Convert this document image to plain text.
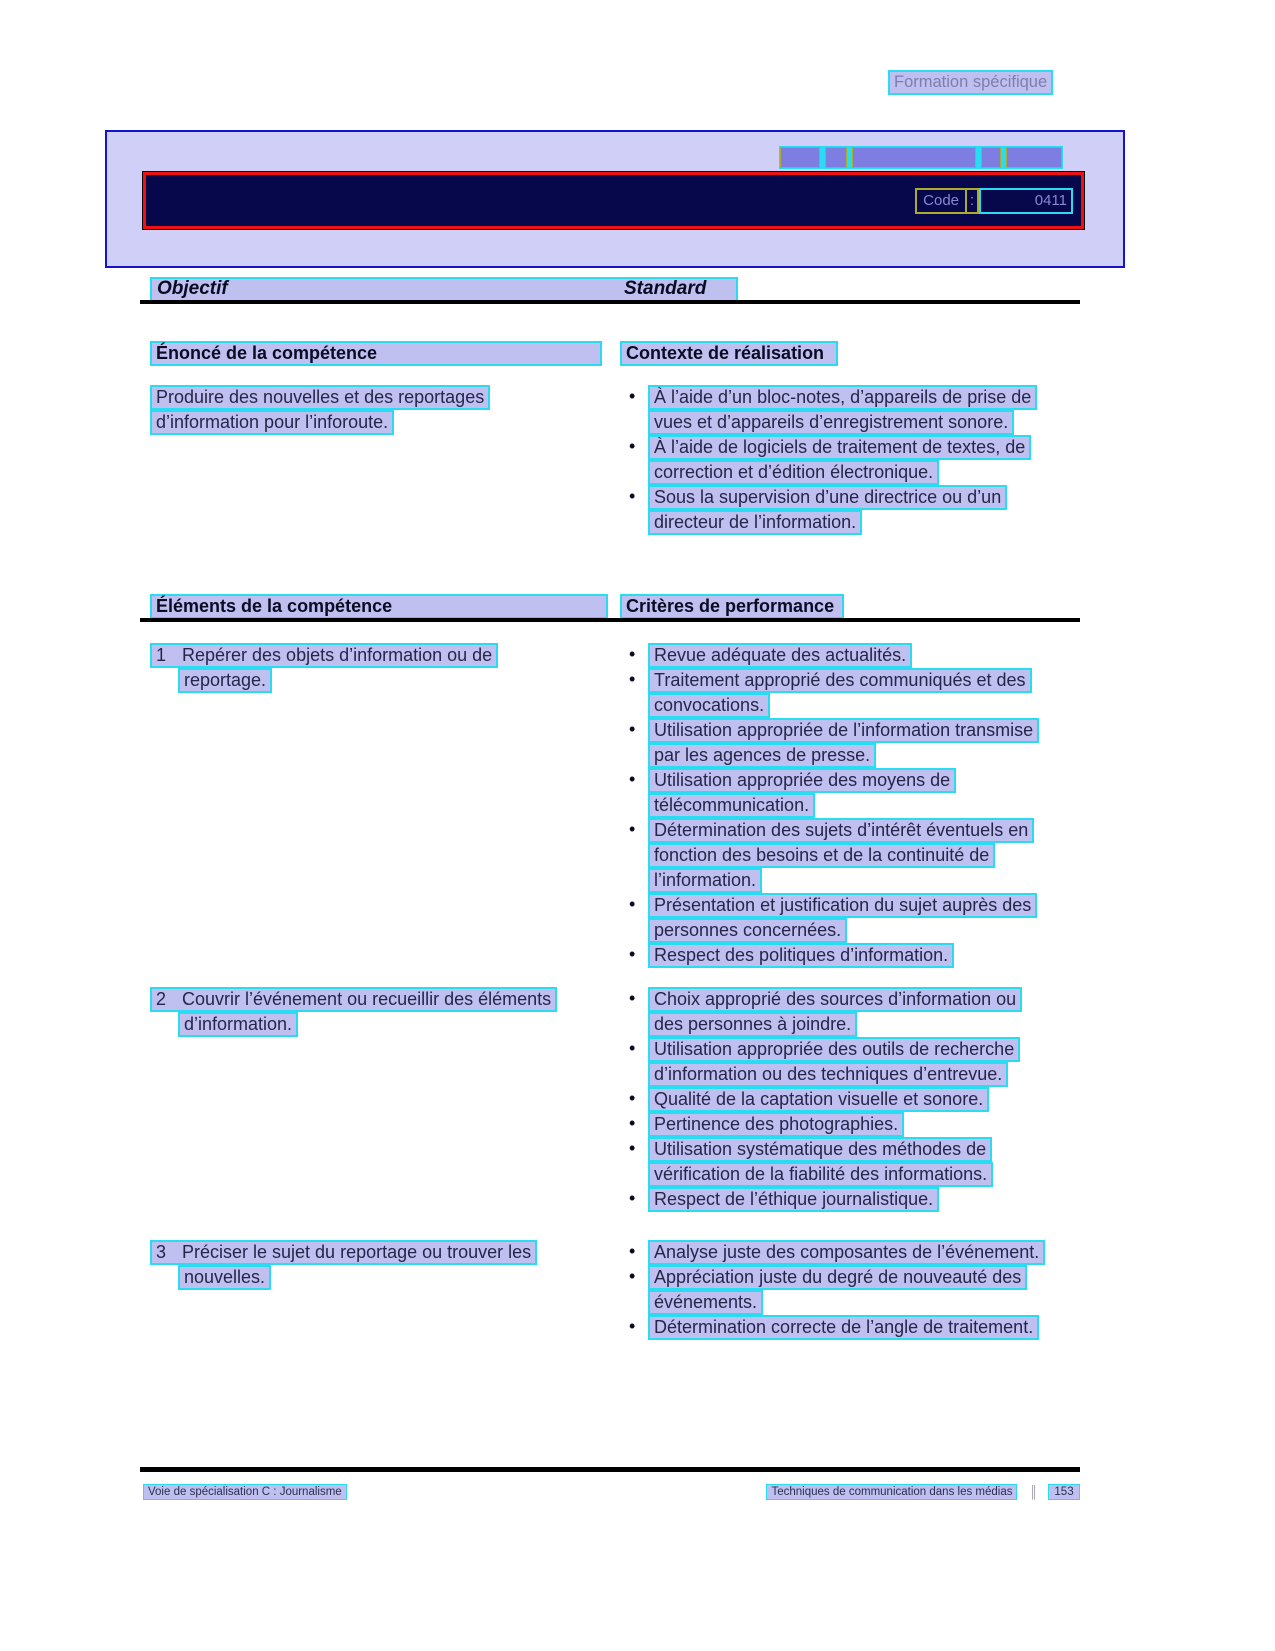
Formation spécifique
Code :	0411
Objectif	Standard
Énoncé de la compétence	Contexte de réalisation
Produire des nouvelles et des reportages
d’information pour l’inforoute.
• À l’aide d’un bloc-notes, d’appareils de prise de
vues et d’appareils d’enregistrement sonore.
• À l’aide de logiciels de traitement de textes, de
correction et d’édition électronique.
• Sous la supervision d’une directrice ou d’un
directeur de l’information.
Éléments de la compétence	Critères de performance
1 Repérer des objets d’information ou de
reportage.
• Revue adéquate des actualités.
• Traitement approprié des communiqués et des
convocations.
• Utilisation appropriée de l’information transmise
par les agences de presse.
• Utilisation appropriée des moyens de
télécommunication.
• Détermination des sujets d’intérêt éventuels en
fonction des besoins et de la continuité de
l’information.
• Présentation et justification du sujet auprès des
personnes concernées.
• Respect des politiques d’information.
2 Couvrir l’événement ou recueillir des éléments
d’information.
• Choix approprié des sources d’information ou
des personnes à joindre.
• Utilisation appropriée des outils de recherche
d’information ou des techniques d’entrevue.
• Qualité de la captation visuelle et sonore.
• Pertinence des photographies.
• Utilisation systématique des méthodes de
vérification de la fiabilité des informations.
• Respect de l’éthique journalistique.
3 Préciser le sujet du reportage ou trouver les
nouvelles.
• Analyse juste des composantes de l’événement.
• Appréciation juste du degré de nouveauté des
événements.
• Détermination correcte de l’angle de traitement.
Voie de spécialisation C : Journalisme	Techniques de communication dans les médias	║	153
